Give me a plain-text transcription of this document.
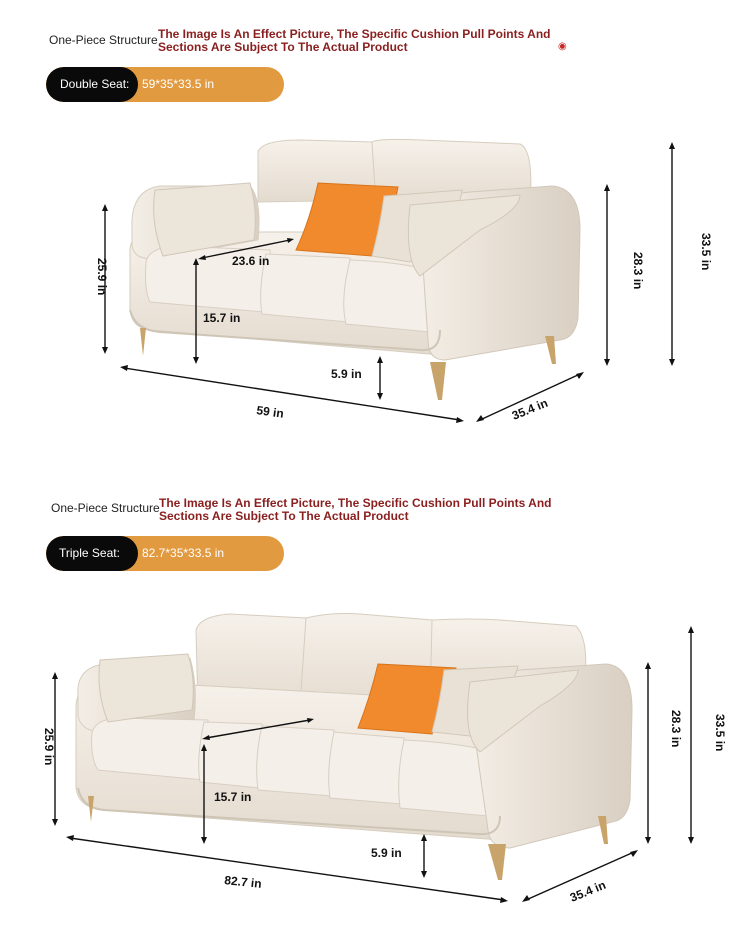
One-Piece Structure The Image Is An Effect Picture, The Specific Cushion Pull Points And
Sections Are Subject To The Actual Product	◉
Double Seat:	59*35*33.5 in
25.9 in	23.6 in
15.7 in
5.9 in
59 in	35.4 in
28.3 in
33.5 in
One-Piece Structure The Image Is An Effect Picture, The Specific Cushion Pull Points And
Sections Are Subject To The Actual Product
Triple Seat:	82.7*35*33.5 in
25.9 in
15.7 in
5.9 in
82.7 in	35.4 in
28.3 in	33.5 in
